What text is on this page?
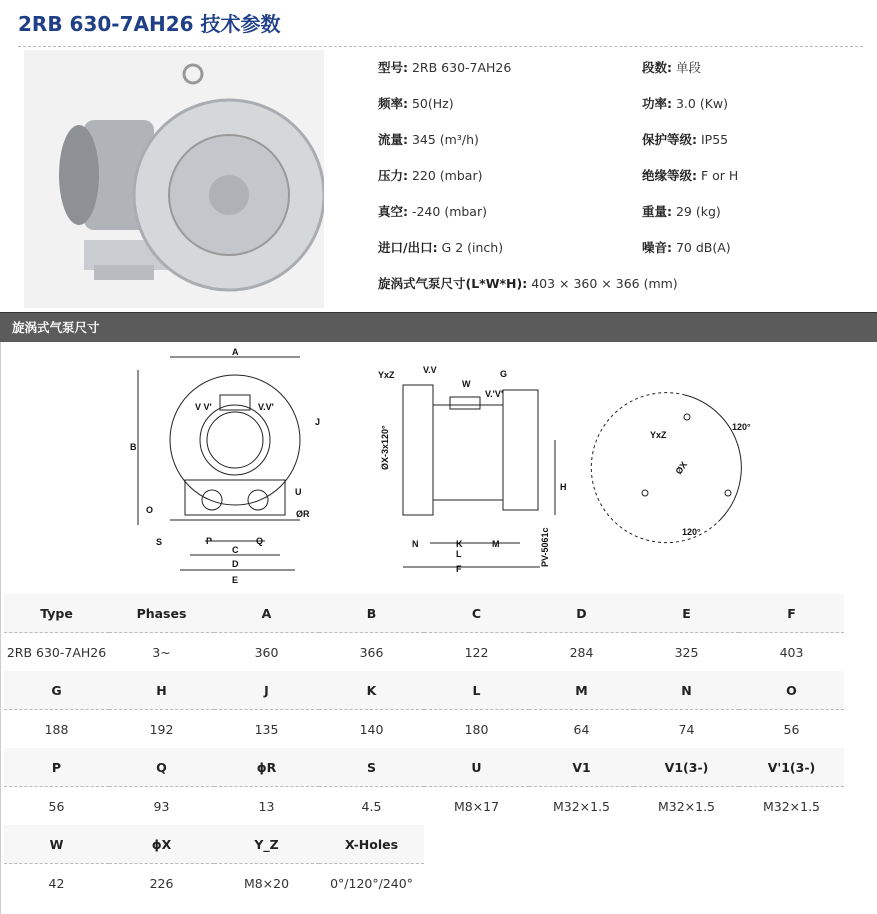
2RB 630-7AH26 技术参数
型号: 2RB 630-7AH26
频率: 50(Hz)
流量: 345 (m³/h)
压力: 220 (mbar)
真空: -240 (mbar)
进口/出口: G 2 (inch)
段数: 单段
功率: 3.0 (Kw)
保护等级: IP55
绝缘等级: F or H
重量: 29 (kg)
噪音: 70 dB(A)
旋涡式气泵尺寸(L*W*H): 403 × 360 × 366 (mm)
旋涡式气泵尺寸
A
B
C
D
E
J
O
P	Q
S
U
ØR
V V'	V.V'
YxZ	V.V
W
G
V.'V'
ØX-3x120°
H
N	K
L
M
F
PV-5061c
YxZ
ØX
120°
120°
Type	Phases	A	B	C	D	E	F
2RB 630-7AH26	3~	360	366	122	284	325	403
G	H	J	K	L	M	N	O
188	192	135	140	180	64	74	56
P	Q	ϕR	S	U	V1	V1(3-)	V'1(3-)
56	93	13	4.5	M8×17	M32×1.5	M32×1.5	M32×1.5
W	ϕX	Y_Z	X-Holes				
42	226	M8×20	0°/120°/240°				
